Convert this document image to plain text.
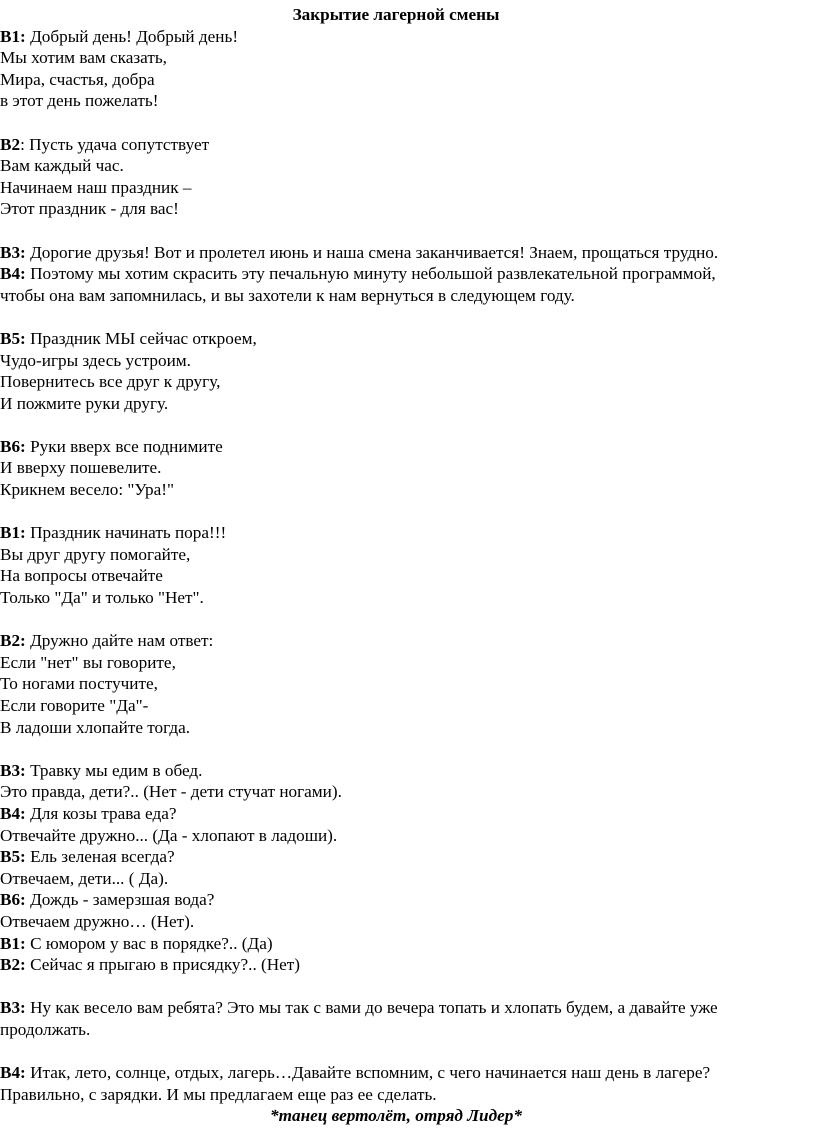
Закрытие лагерной смены

В1: Добрый день! Добрый день!
Мы хотим вам сказать,
Мира, счастья, добра
в этот день пожелать!
В2: Пусть удача сопутствует
Вам каждый час.
Начинаем наш праздник –
Этот праздник - для вас!
В3: Дорогие друзья! Вот и пролетел июнь и наша смена заканчивается! Знаем, прощаться трудно.
В4: Поэтому мы хотим скрасить эту печальную минуту небольшой развлекательной программой,
чтобы она вам запомнилась, и вы захотели к нам вернуться в следующем году.
В5: Праздник МЫ сейчас откроем,
Чудо-игры здесь устроим.
Повернитесь все друг к другу,
И пожмите руки другу.
В6: Руки вверх все поднимите
И вверху пошевелите.
Крикнем весело: "Ура!"
В1: Праздник начинать пора!!!
Вы друг другу помогайте,
На вопросы отвечайте
Только "Да" и только "Нет".
В2: Дружно дайте нам ответ:
Если "нет" вы говорите,
То ногами постучите,
Если говорите "Да"-
В ладоши хлопайте тогда.
В3: Травку мы едим в обед.
Это правда, дети?.. (Нет - дети стучат ногами).
В4: Для козы трава еда?
Отвечайте дружно... (Да - хлопают в ладоши).
В5: Ель зеленая всегда?
Отвечаем, дети... ( Да).
В6: Дождь - замерзшая вода?
Отвечаем дружно… (Нет).
В1: С юмором у вас в порядке?.. (Да)
В2: Сейчас я прыгаю в присядку?.. (Нет)
В3: Ну как весело вам ребята? Это мы так с вами до вечера топать и хлопать будем, а давайте уже
продолжать.
В4: Итак, лето, солнце, отдых, лагерь…Давайте вспомним, с чего начинается наш день в лагере?
Правильно, с зарядки. И мы предлагаем еще раз ее сделать.

*танец вертолёт, отряд Лидер*
